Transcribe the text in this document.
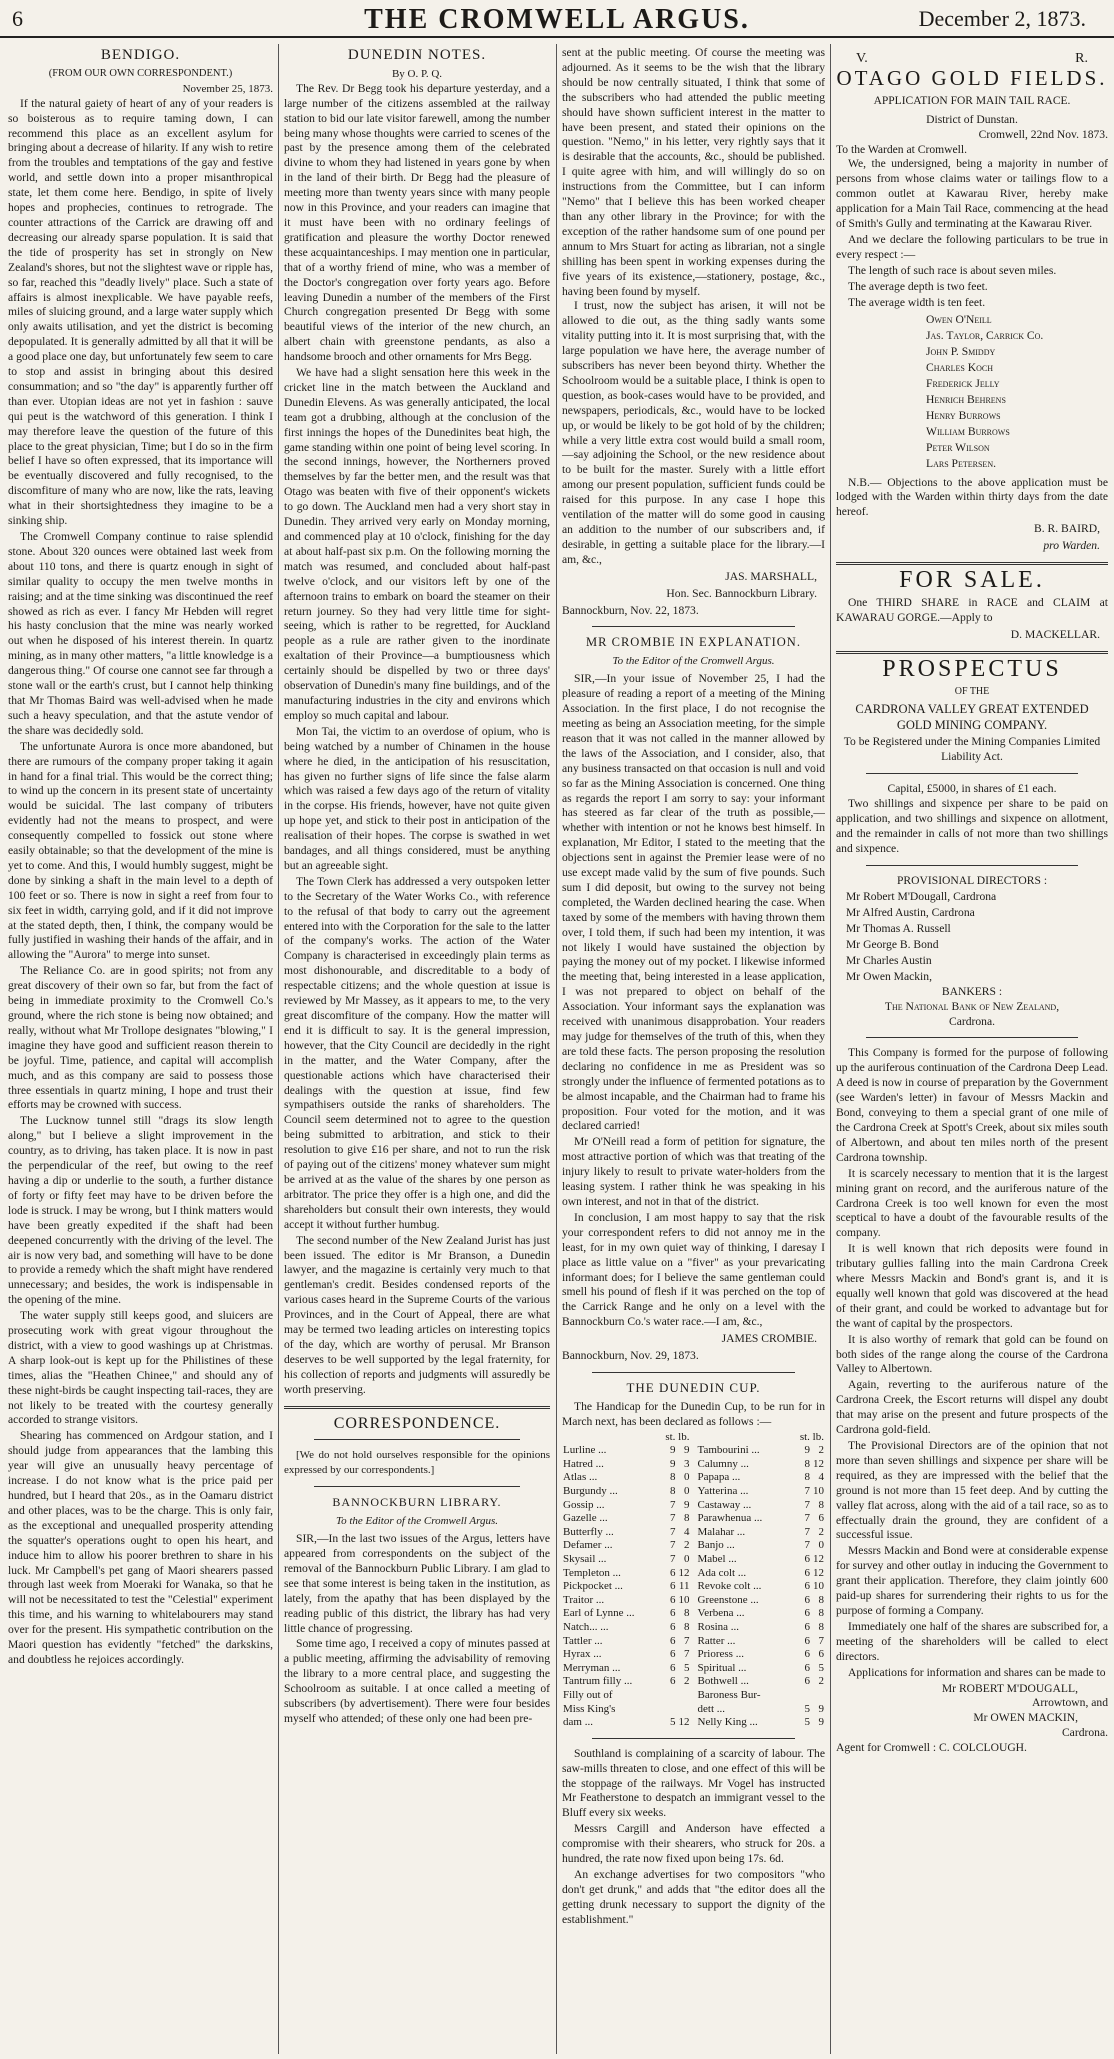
6	THE CROMWELL ARGUS.	December 2, 1873.
BENDIGO.
(FROM OUR OWN CORRESPONDENT.)
November 25, 1873.

If the natural gaiety of heart of any of your readers is so boisterous as to require taming down, I can recommend this place as an excellent asylum for bringing about a decrease of hilarity. If any wish to retire from the troubles and temptations of the gay and festive world, and settle down into a proper misanthropical state, let them come here. Bendigo, in spite of lively hopes and prophecies, continues to retrograde. The counter attractions of the Carrick are drawing off and decreasing our already sparse population. It is said that the tide of prosperity has set in strongly on New Zealand's shores, but not the slightest wave or ripple has, so far, reached this "deadly lively" place. Such a state of affairs is almost inexplicable. We have payable reefs, miles of sluicing ground, and a large water supply which only awaits utilisation, and yet the district is becoming depopulated. It is generally admitted by all that it will be a good place one day, but unfortunately few seem to care to stop and assist in bringing about this desired consummation; and so "the day" is apparently further off than ever. Utopian ideas are not yet in fashion : sauve qui peut is the watchword of this generation. I think I may therefore leave the question of the future of this place to the great physician, Time; but I do so in the firm belief I have so often expressed, that its importance will be eventually discovered and fully recognised, to the discomfiture of many who are now, like the rats, leaving what in their shortsightedness they imagine to be a sinking ship.

The Cromwell Company continue to raise splendid stone. About 320 ounces were obtained last week from about 110 tons, and there is quartz enough in sight of similar quality to occupy the men twelve months in raising; and at the time sinking was discontinued the reef showed as rich as ever. I fancy Mr Hebden will regret his hasty conclusion that the mine was nearly worked out when he disposed of his interest therein. In quartz mining, as in many other matters, "a little knowledge is a dangerous thing." Of course one cannot see far through a stone wall or the earth's crust, but I cannot help thinking that Mr Thomas Baird was well-advised when he made such a heavy speculation, and that the astute vendor of the share was decidedly sold.

The unfortunate Aurora is once more abandoned, but there are rumours of the company proper taking it again in hand for a final trial. This would be the correct thing; to wind up the concern in its present state of uncertainty would be suicidal. The last company of tributers evidently had not the means to prospect, and were consequently compelled to fossick out stone where easily obtainable; so that the development of the mine is yet to come. And this, I would humbly suggest, might be done by sinking a shaft in the main level to a depth of 100 feet or so. There is now in sight a reef from four to six feet in width, carrying gold, and if it did not improve at the stated depth, then, I think, the company would be fully justified in washing their hands of the affair, and in allowing the "Aurora" to merge into sunset.

The Reliance Co. are in good spirits; not from any great discovery of their own so far, but from the fact of being in immediate proximity to the Cromwell Co.'s ground, where the rich stone is being now obtained; and really, without what Mr Trollope designates "blowing," I imagine they have good and sufficient reason therein to be joyful. Time, patience, and capital will accomplish much, and as this company are said to possess those three essentials in quartz mining, I hope and trust their efforts may be crowned with success.

The Lucknow tunnel still "drags its slow length along," but I believe a slight improvement in the country, as to driving, has taken place. It is now in past the perpendicular of the reef, but owing to the reef having a dip or underlie to the south, a further distance of forty or fifty feet may have to be driven before the lode is struck. I may be wrong, but I think matters would have been greatly expedited if the shaft had been deepened concurrently with the driving of the level. The air is now very bad, and something will have to be done to provide a remedy which the shaft might have rendered unnecessary; and besides, the work is indispensable in the opening of the mine.

The water supply still keeps good, and sluicers are prosecuting work with great vigour throughout the district, with a view to good washings up at Christmas. A sharp look-out is kept up for the Philistines of these times, alias the "Heathen Chinee," and should any of these night-birds be caught inspecting tail-races, they are not likely to be treated with the courtesy generally accorded to strange visitors.

Shearing has commenced on Ardgour station, and I should judge from appearances that the lambing this year will give an unusually heavy percentage of increase. I do not know what is the price paid per hundred, but I heard that 20s., as in the Oamaru district and other places, was to be the charge. This is only fair, as the exceptional and unequalled prosperity attending the squatter's operations ought to open his heart, and induce him to allow his poorer brethren to share in his luck. Mr Campbell's pet gang of Maori shearers passed through last week from Moeraki for Wanaka, so that he will not be necessitated to test the "Celestial" experiment this time, and his warning to whitelabourers may stand over for the present. His sympathetic contribution on the Maori question has evidently "fetched" the darkskins, and doubtless he rejoices accordingly.

DUNEDIN NOTES.
By O. P. Q.

The Rev. Dr Begg took his departure yesterday, and a large number of the citizens assembled at the railway station to bid our late visitor farewell, among the number being many whose thoughts were carried to scenes of the past by the presence among them of the celebrated divine to whom they had listened in years gone by when in the land of their birth. Dr Begg had the pleasure of meeting more than twenty years since with many people now in this Province, and your readers can imagine that it must have been with no ordinary feelings of gratification and pleasure the worthy Doctor renewed these acquaintanceships. I may mention one in particular, that of a worthy friend of mine, who was a member of the Doctor's congregation over forty years ago. Before leaving Dunedin a number of the members of the First Church congregation presented Dr Begg with some beautiful views of the interior of the new church, an albert chain with greenstone pendants, as also a handsome brooch and other ornaments for Mrs Begg.

We have had a slight sensation here this week in the cricket line in the match between the Auckland and Dunedin Elevens. As was generally anticipated, the local team got a drubbing, although at the conclusion of the first innings the hopes of the Dunedinites beat high, the game standing within one point of being level scoring. In the second innings, however, the Northerners proved themselves by far the better men, and the result was that Otago was beaten with five of their opponent's wickets to go down. The Auckland men had a very short stay in Dunedin. They arrived very early on Monday morning, and commenced play at 10 o'clock, finishing for the day at about half-past six p.m. On the following morning the match was resumed, and concluded about half-past twelve o'clock, and our visitors left by one of the afternoon trains to embark on board the steamer on their return journey. So they had very little time for sight-seeing, which is rather to be regretted, for Auckland people as a rule are rather given to the inordinate exaltation of their Province—a bumptiousness which certainly should be dispelled by two or three days' observation of Dunedin's many fine buildings, and of the manufacturing industries in the city and environs which employ so much capital and labour.

Mon Tai, the victim to an overdose of opium, who is being watched by a number of Chinamen in the house where he died, in the anticipation of his resuscitation, has given no further signs of life since the false alarm which was raised a few days ago of the return of vitality in the corpse. His friends, however, have not quite given up hope yet, and stick to their post in anticipation of the realisation of their hopes. The corpse is swathed in wet bandages, and all things considered, must be anything but an agreeable sight.

The Town Clerk has addressed a very outspoken letter to the Secretary of the Water Works Co., with reference to the refusal of that body to carry out the agreement entered into with the Corporation for the sale to the latter of the company's works. The action of the Water Company is characterised in exceedingly plain terms as most dishonourable, and discreditable to a body of respectable citizens; and the whole question at issue is reviewed by Mr Massey, as it appears to me, to the very great discomfiture of the company. How the matter will end it is difficult to say. It is the general impression, however, that the City Council are decidedly in the right in the matter, and the Water Company, after the questionable actions which have characterised their dealings with the question at issue, find few sympathisers outside the ranks of shareholders. The Council seem determined not to agree to the question being submitted to arbitration, and stick to their resolution to give £16 per share, and not to run the risk of paying out of the citizens' money whatever sum might be arrived at as the value of the shares by one person as arbitrator. The price they offer is a high one, and did the shareholders but consult their own interests, they would accept it without further humbug.

The second number of the New Zealand Jurist has just been issued. The editor is Mr Branson, a Dunedin lawyer, and the magazine is certainly very much to that gentleman's credit. Besides condensed reports of the various cases heard in the Supreme Courts of the various Provinces, and in the Court of Appeal, there are what may be termed two leading articles on interesting topics of the day, which are worthy of perusal. Mr Branson deserves to be well supported by the legal fraternity, for his collection of reports and judgments will assuredly be worth preserving.

CORRESPONDENCE.

[We do not hold ourselves responsible for the opinions expressed by our correspondents.]

BANNOCKBURN LIBRARY.
To the Editor of the Cromwell Argus.

SIR,—In the last two issues of the Argus, letters have appeared from correspondents on the subject of the removal of the Bannockburn Public Library. I am glad to see that some interest is being taken in the institution, as lately, from the apathy that has been displayed by the reading public of this district, the library has had very little chance of progressing.

Some time ago, I received a copy of minutes passed at a public meeting, affirming the advisability of removing the library to a more central place, and suggesting the Schoolroom as suitable. I at once called a meeting of subscribers (by advertisement). There were four besides myself who attended; of these only one had been pre-

sent at the public meeting. Of course the meeting was adjourned. As it seems to be the wish that the library should be now centrally situated, I think that some of the subscribers who had attended the public meeting should have shown sufficient interest in the matter to have been present, and stated their opinions on the question. "Nemo," in his letter, very rightly says that it is desirable that the accounts, &c., should be published. I quite agree with him, and will willingly do so on instructions from the Committee, but I can inform "Nemo" that I believe this has been worked cheaper than any other library in the Province; for with the exception of the rather handsome sum of one pound per annum to Mrs Stuart for acting as librarian, not a single shilling has been spent in working expenses during the five years of its existence,—stationery, postage, &c., having been found by myself.

I trust, now the subject has arisen, it will not be allowed to die out, as the thing sadly wants some vitality putting into it. It is most surprising that, with the large population we have here, the average number of subscribers has never been beyond thirty. Whether the Schoolroom would be a suitable place, I think is open to question, as book-cases would have to be provided, and newspapers, periodicals, &c., would have to be locked up, or would be likely to be got hold of by the children; while a very little extra cost would build a small room,—say adjoining the School, or the new residence about to be built for the master. Surely with a little effort among our present population, sufficient funds could be raised for this purpose. In any case I hope this ventilation of the matter will do some good in causing an addition to the number of our subscribers and, if desirable, in getting a suitable place for the library.—I am, &c.,

JAS. MARSHALL,
Hon. Sec. Bannockburn Library.
Bannockburn, Nov. 22, 1873.
MR CROMBIE IN EXPLANATION.
To the Editor of the Cromwell Argus.

SIR,—In your issue of November 25, I had the pleasure of reading a report of a meeting of the Mining Association. In the first place, I do not recognise the meeting as being an Association meeting, for the simple reason that it was not called in the manner allowed by the laws of the Association, and I consider, also, that any business transacted on that occasion is null and void so far as the Mining Association is concerned. One thing as regards the report I am sorry to say: your informant has steered as far clear of the truth as possible,—whether with intention or not he knows best himself. In explanation, Mr Editor, I stated to the meeting that the objections sent in against the Premier lease were of no use except made valid by the sum of five pounds. Such sum I did deposit, but owing to the survey not being completed, the Warden declined hearing the case. When taxed by some of the members with having thrown them over, I told them, if such had been my intention, it was not likely I would have sustained the objection by paying the money out of my pocket. I likewise informed the meeting that, being interested in a lease application, I was not prepared to object on behalf of the Association. Your informant says the explanation was received with unanimous disapprobation. Your readers may judge for themselves of the truth of this, when they are told these facts. The person proposing the resolution declaring no confidence in me as President was so strongly under the influence of fermented potations as to be almost incapable, and the Chairman had to frame his proposition. Four voted for the motion, and it was declared carried!

Mr O'Neill read a form of petition for signature, the most attractive portion of which was that treating of the injury likely to result to private water-holders from the leasing system. I rather think he was speaking in his own interest, and not in that of the district.

In conclusion, I am most happy to say that the risk your correspondent refers to did not annoy me in the least, for in my own quiet way of thinking, I daresay I place as little value on a "fiver" as your prevaricating informant does; for I believe the same gentleman could smell his pound of flesh if it was perched on the top of the Carrick Range and he only on a level with the Bannockburn Co.'s water race.—I am, &c.,

JAMES CROMBIE.
Bannockburn, Nov. 29, 1873.
THE DUNEDIN CUP.

The Handicap for the Dunedin Cup, to be run for in March next, has been declared as follows :—

	st. lb.	
Lurline ...	9	9
Hatred ...	9	3
Atlas ...	8	0
Burgundy ...	8	0
Gossip ...	7	9
Gazelle ...	7	8
Butterfly ...	7	4
Defamer ...	7	2
Skysail ...	7	0
Templeton ...	6	12
Pickpocket ...	6	11
Traitor ...	6	10
Earl of Lynne ...	6	8
Natch... ...	6	8
Tattler ...	6	7
Hyrax ...	6	7
Merryman ...	6	5
Tantrum filly ...	6	2
Filly out of		
Miss King's		
dam ...	5	12
	st. lb.	
Tambourini ...	9	2
Calumny ...	8	12
Papapa ...	8	4
Yatterina ...	7	10
Castaway ...	7	8
Parawhenua ...	7	6
Malahar ...	7	2
Banjo ...	7	0
Mabel ...	6	12
Ada colt ...	6	12
Revoke colt ...	6	10
Greenstone ...	6	8
Verbena ...	6	8
Rosina ...	6	8
Ratter ...	6	7
Prioress ...	6	6
Spiritual ...	6	5
Bothwell ...	6	2
Baroness Bur-		
dett ...	5	9
Nelly King ...	5	9

Southland is complaining of a scarcity of labour. The saw-mills threaten to close, and one effect of this will be the stoppage of the railways. Mr Vogel has instructed Mr Featherstone to despatch an immigrant vessel to the Bluff every six weeks.

Messrs Cargill and Anderson have effected a compromise with their shearers, who struck for 20s. a hundred, the rate now fixed upon being 17s. 6d.

An exchange advertises for two compositors "who don't get drunk," and adds that "the editor does all the getting drunk necessary to support the dignity of the establishment."

V.	R.
OTAGO GOLD FIELDS.
APPLICATION FOR MAIN TAIL RACE.
District of Dunstan.
Cromwell, 22nd Nov. 1873.
To the Warden at Cromwell.

We, the undersigned, being a majority in number of persons from whose claims water or tailings flow to a common outlet at Kawarau River, hereby make application for a Main Tail Race, commencing at the head of Smith's Gully and terminating at the Kawarau River.

And we declare the following particulars to be true in every respect :—

The length of such race is about seven miles.

The average depth is two feet.

The average width is ten feet.

Owen O'Neill
Jas. Taylor, Carrick Co.
John P. Smiddy
Charles Koch
Frederick Jelly
Henrich Behrens
Henry Burrows
William Burrows
Peter Wilson
Lars Petersen.

N.B.— Objections to the above application must be lodged with the Warden within thirty days from the date hereof.

B. R. BAIRD,
pro Warden.
FOR SALE.

One THIRD SHARE in RACE and CLAIM at KAWARAU GORGE.—Apply to

D. MACKELLAR.
PROSPECTUS
OF THE
CARDRONA VALLEY GREAT EXTENDED GOLD MINING COMPANY.
To be Registered under the Mining Companies Limited Liability Act.
Capital, £5000, in shares of £1 each.

Two shillings and sixpence per share to be paid on application, and two shillings and sixpence on allotment, and the remainder in calls of not more than two shillings and sixpence.

PROVISIONAL DIRECTORS :
Mr Robert M'Dougall, Cardrona
Mr Alfred Austin, Cardrona
Mr Thomas A. Russell
Mr George B. Bond
Mr Charles Austin
Mr Owen Mackin,
BANKERS :
The National Bank of New Zealand,
Cardrona.

This Company is formed for the purpose of following up the auriferous continuation of the Cardrona Deep Lead. A deed is now in course of preparation by the Government (see Warden's letter) in favour of Messrs Mackin and Bond, conveying to them a special grant of one mile of the Cardrona Creek at Spott's Creek, about six miles south of Albertown, and about ten miles north of the present Cardrona township.

It is scarcely necessary to mention that it is the largest mining grant on record, and the auriferous nature of the Cardrona Creek is too well known for even the most sceptical to have a doubt of the favourable results of the company.

It is well known that rich deposits were found in tributary gullies falling into the main Cardrona Creek where Messrs Mackin and Bond's grant is, and it is equally well known that gold was discovered at the head of their grant, and could be worked to advantage but for the want of capital by the prospectors.

It is also worthy of remark that gold can be found on both sides of the range along the course of the Cardrona Valley to Albertown.

Again, reverting to the auriferous nature of the Cardrona Creek, the Escort returns will dispel any doubt that may arise on the present and future prospects of the Cardrona gold-field.

The Provisional Directors are of the opinion that not more than seven shillings and sixpence per share will be required, as they are impressed with the belief that the ground is not more than 15 feet deep. And by cutting the valley flat across, along with the aid of a tail race, so as to effectually drain the ground, they are confident of a successful issue.

Messrs Mackin and Bond were at considerable expense for survey and other outlay in inducing the Government to grant their application. Therefore, they claim jointly 600 paid-up shares for surrendering their rights to us for the purpose of forming a Company.

Immediately one half of the shares are subscribed for, a meeting of the shareholders will be called to elect directors.

Applications for information and shares can be made to

Mr ROBERT M'DOUGALL,
Arrowtown, and
Mr OWEN MACKIN,
Cardrona.
Agent for Cromwell : C. COLCLOUGH.
